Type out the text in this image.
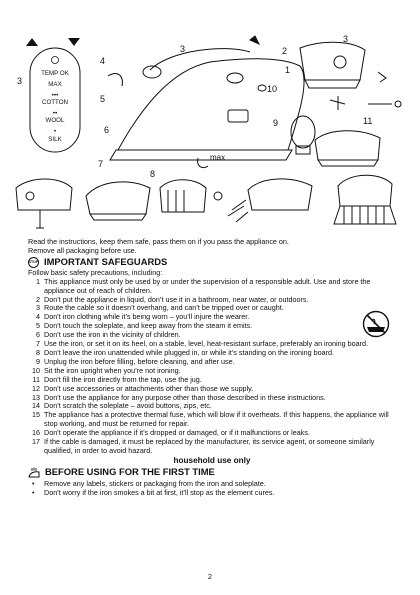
TEMP OK
MAX
•••
COTTON
••
WOOL
•
SILK
3
4
5
6
7
8
3	2
1
10
9
max
3
11

Read the instructions, keep them safe, pass them on if you pass the appliance on.

Remove all packaging before use.

STOP IMPORTANT SAFEGUARDS

Follow basic safety precautions, including:

1 This appliance must only be used by or under the supervision of a responsible adult. Use and store the appliance out of reach of children.
2 Don’t put the appliance in liquid, don’t use it in a bathroom, near water, or outdoors.
3 Route the cable so it doesn’t overhang, and can’t be tripped over or caught.
4 Don’t iron clothing while it’s being worn – you’ll injure the wearer.
5 Don’t touch the soleplate, and keep away from the steam it emits.
6 Don’t use the iron in the vicinity of children.
7 Use the iron, or set it on its heel, on a stable, level, heat-resistant surface, preferably an ironing board.
8 Don’t leave the iron unattended while plugged in, or while it’s standing on the ironing board.
9 Unplug the iron before filling, before cleaning, and after use.
10 Sit the iron upright when you’re not ironing.
11 Don’t fill the iron directly from the tap, use the jug.
12 Don’t use accessories or attachments other than those we supply.
13 Don’t use the appliance for any purpose other than those described in these instructions.
14 Don’t scratch the soleplate – avoid buttons, zips, etc.
15 The appliance has a protective thermal fuse, which will blow if it overheats. If this happens, the appliance will stop working, and must be returned for repair.
16 Don’t operate the appliance if it’s dropped or damaged, or if it malfunctions or leaks.
17 If the cable is damaged, it must be replaced by the manufacturer, its service agent, or someone similarly qualified, in order to avoid hazard.
household use only
BEFORE USING FOR THE FIRST TIME
•	Remove any labels, stickers or packaging from the iron and soleplate.
•	Don’t worry if the iron smokes a bit at first, it’ll stop as the element cures.
2
